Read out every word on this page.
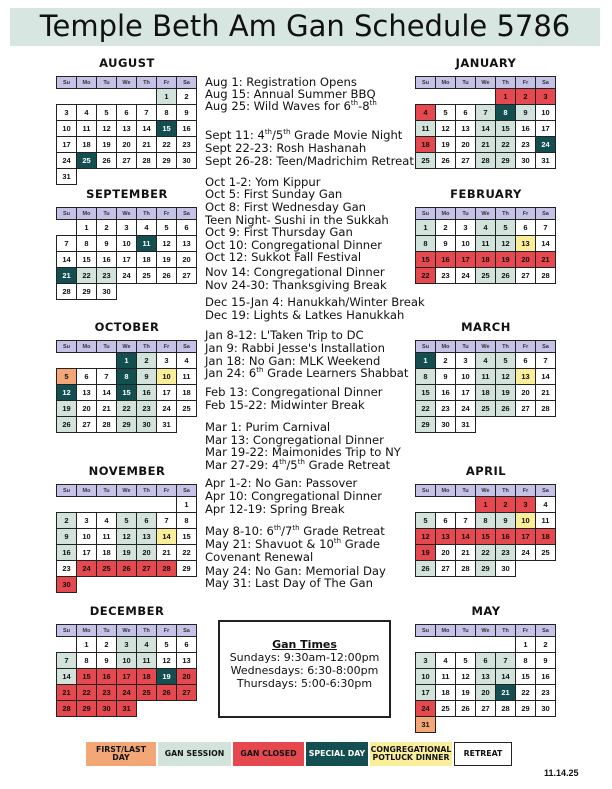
Temple Beth Am Gan Schedule 5786
AUGUST
Su	Mo	Tu	We	Th	Fr	Sa
					1	2
3	4	5	6	7	8	9
10	11	12	13	14	15	16
17	18	19	20	21	22	23
24	25	26	27	28	29	30
31						
SEPTEMBER
Su	Mo	Tu	We	Th	Fr	Sa
	1	2	3	4	5	6
7	8	9	10	11	12	13
14	15	16	17	18	19	20
21	22	23	24	25	26	27
28	29	30				
OCTOBER
Su	Mo	Tu	We	Th	Fr	Sa
			1	2	3	4
5	6	7	8	9	10	11
12	13	14	15	16	17	18
19	20	21	22	23	24	25
26	27	28	29	30	31	
NOVEMBER
Su	Mo	Tu	We	Th	Fr	Sa
						1
2	3	4	5	6	7	8
9	10	11	12	13	14	15
16	17	18	19	20	21	22
23	24	25	26	27	28	29
30						
DECEMBER
Su	Mo	Tu	We	Th	Fr	Sa
	1	2	3	4	5	6
7	8	9	10	11	12	13
14	15	16	17	18	19	20
21	22	23	24	25	26	27
28	29	30	31			
JANUARY
Su	Mo	Tu	We	Th	Fr	Sa
				1	2	3
4	5	6	7	8	9	10
11	12	13	14	15	16	17
18	19	20	21	22	23	24
25	26	27	28	29	30	31
FEBRUARY
Su	Mo	Tu	We	Th	Fr	Sa
1	2	3	4	5	6	7
8	9	10	11	12	13	14
15	16	17	18	19	20	21
22	23	24	25	26	27	28
MARCH
Su	Mo	Tu	We	Th	Fr	Sa
1	2	3	4	5	6	7
8	9	10	11	12	13	14
15	16	17	18	19	20	21
22	23	24	25	26	27	28
29	30	31				
APRIL
Su	Mo	Tu	We	Th	Fr	Sa
			1	2	3	4
5	6	7	8	9	10	11
12	13	14	15	16	17	18
19	20	21	22	23	24	25
26	27	28	29	30		
MAY
Su	Mo	Tu	We	Th	Fr	Sa
					1	2
3	4	5	6	7	8	9
10	11	12	13	14	15	16
17	18	19	20	21	22	23
24	25	26	27	28	29	30
31						
Aug 1: Registration Opens
Aug 15: Annual Summer BBQ
Aug 25: Wild Waves for 6th-8th
Sept 11: 4th/5th Grade Movie Night
Sept 22-23: Rosh Hashanah
Sept 26-28: Teen/Madrichim Retreat
Oct 1-2: Yom Kippur
Oct 5: First Sunday Gan
Oct 8: First Wednesday Gan
Teen Night- Sushi in the Sukkah
Oct 9: First Thursday Gan
Oct 10: Congregational Dinner
Oct 12: Sukkot Fall Festival
Nov 14: Congregational Dinner
Nov 24-30: Thanksgiving Break
Dec 15-Jan 4: Hanukkah/Winter Break
Dec 19: Lights & Latkes Hanukkah
Jan 8-12: L'Taken Trip to DC
Jan 9: Rabbi Jesse's Installation
Jan 18: No Gan: MLK Weekend
Jan 24: 6th Grade Learners Shabbat
Feb 13: Congregational Dinner
Feb 15-22: Midwinter Break
Mar 1: Purim Carnival
Mar 13: Congregational Dinner
Mar 19-22: Maimonides Trip to NY
Mar 27-29: 4th/5th Grade Retreat
Apr 1-2: No Gan: Passover
Apr 10: Congregational Dinner
Apr 12-19: Spring Break
May 8-10: 6th/7th Grade Retreat
May 21: Shavuot & 10th Grade
Covenant Renewal
May 24: No Gan: Memorial Day
May 31: Last Day of The Gan
Gan Times
Sundays: 9:30am-12:00pm
Wednesdays: 6:30-8:00pm
Thursdays: 5:00-6:30pm
FIRST/LAST DAY	GAN SESSION	GAN CLOSED	SPECIAL DAY CONGREGATIONAL POTLUCK DINNER	RETREAT
11.14.25
